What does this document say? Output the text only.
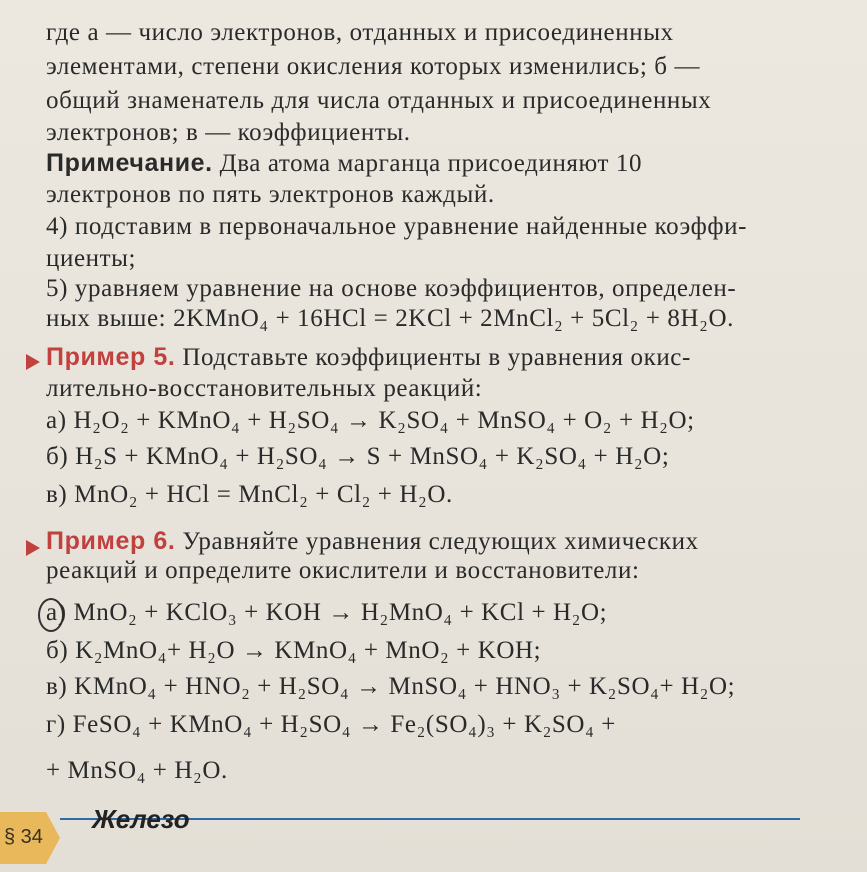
где а — число электронов, отданных и присоединенных
элементами, степени окисления которых изменились; б —
общий знаменатель для числа отданных и присоединенных
электронов; в — коэффициенты.
Примечание. Два атома марганца присоединяют 10
электронов по пять электронов каждый.
4) подставим в первоначальное уравнение найденные коэффи-
циенты;
5) уравняем уравнение на основе коэффициентов, определен-
ных выше: 2KMnO₄ + 16HCl = 2KCl + 2MnCl₂ + 5Cl₂ + 8H₂O.
Пример 5. Подставьте коэффициенты в уравнения окис-
лительно-восстановительных реакций:
а) H₂O₂ + KMnO₄ + H₂SO₄ → K₂SO₄ + MnSO₄ + O₂ + H₂O;
б) H₂S + KMnO₄ + H₂SO₄ → S + MnSO₄ + K₂SO₄ + H₂O;
в) MnO₂ + HCl = MnCl₂ + Cl₂ + H₂O.
Пример 6. Уравняйте уравнения следующих химических
реакций и определите окислители и восстановители:
а) MnO₂ + KClO₃ + KOH → H₂MnO₄ + KCl + H₂O;
б) K₂MnO₄+ H₂O → KMnO₄ + MnO₂ + KOH;
в) KMnO₄ + HNO₂ + H₂SO₄ → MnSO₄ + HNO₃ + K₂SO₄+ H₂O;
г) FeSO₄ + KMnO₄ + H₂SO₄ → Fe₂(SO₄)₃ + K₂SO₄ +
+ MnSO₄ + H₂O.
§ 34
Железо
